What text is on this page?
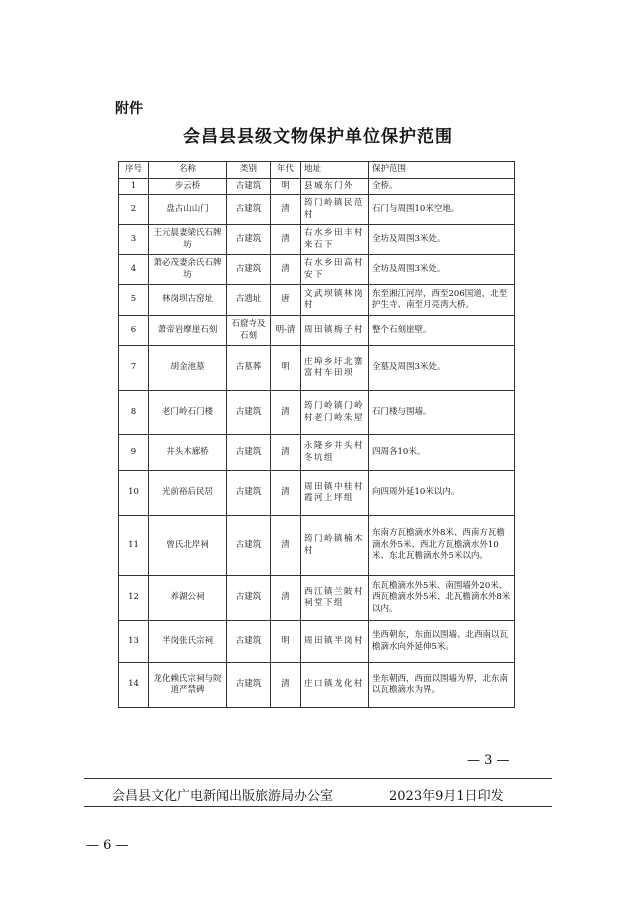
附件
会昌县县级文物保护单位保护范围
序号	名称	类别	年代	地址	保护范围
1	步云桥	古建筑	明	县城东门外	全桥。
2	盘古山山门	古建筑	清	筠门岭镇民范村	石门与周围10米空地。
3	王元晨妻梁氏石牌坊	古建筑	清	右水乡田丰村来石下	全坊及周围3米处。
4	萧必茂妻余氏石牌坊	古建筑	清	右水乡田高村安下	全坊及周围3米处。
5	林岗坝古窑址	古遗址	唐	文武坝镇林岗村	东至湘江河岸，西至206国道，北至护生寺、南至月亮湾大桥。
6	萧帝岩摩崖石刻	石窟寺及石刻	明-清	周田镇梅子村	整个石刻崖壁。
7	胡金池墓	古墓葬	明	庄埠乡圩北寨富村车田坝	全墓及周围3米处。
8	老门岭石门楼	古建筑	清	筠门岭镇门岭村老门岭朱屋	石门楼与围墙。
9	井头木廊桥	古建筑	清	永隆乡井头村冬坑组	四周各10米。
10	光前裕后民居	古建筑	清	周田镇中桂村霞河上坪组	向四周外延10米以内。
11	曾氏北岸祠	古建筑	清	筠门岭镇楠木村	东南方瓦檐滴水外8米、西南方瓦檐滴水外5米、西北方瓦檐滴水外10米、东北瓦檐滴水外5米以内。
12	养湖公祠	古建筑	清	西江镇兰陂村祠堂下组	东瓦檐滴水外5米、南围墙外20米、西瓦檐滴水外5米、北瓦檐滴水外8米以内。
13	半岗张氏宗祠	古建筑	明	周田镇半岗村	坐西朝东，东面以围墙、北西南以瓦檐滴水向外延伸5米。
14	龙化赖氏宗祠与院道严禁碑	古建筑	清	庄口镇龙化村	坐东朝西，西面以围墙为界，北东南以瓦檐滴水为界。
— 3 —
会昌县文化广电新闻出版旅游局办公室	2023年9月1日印发
— 6 —
